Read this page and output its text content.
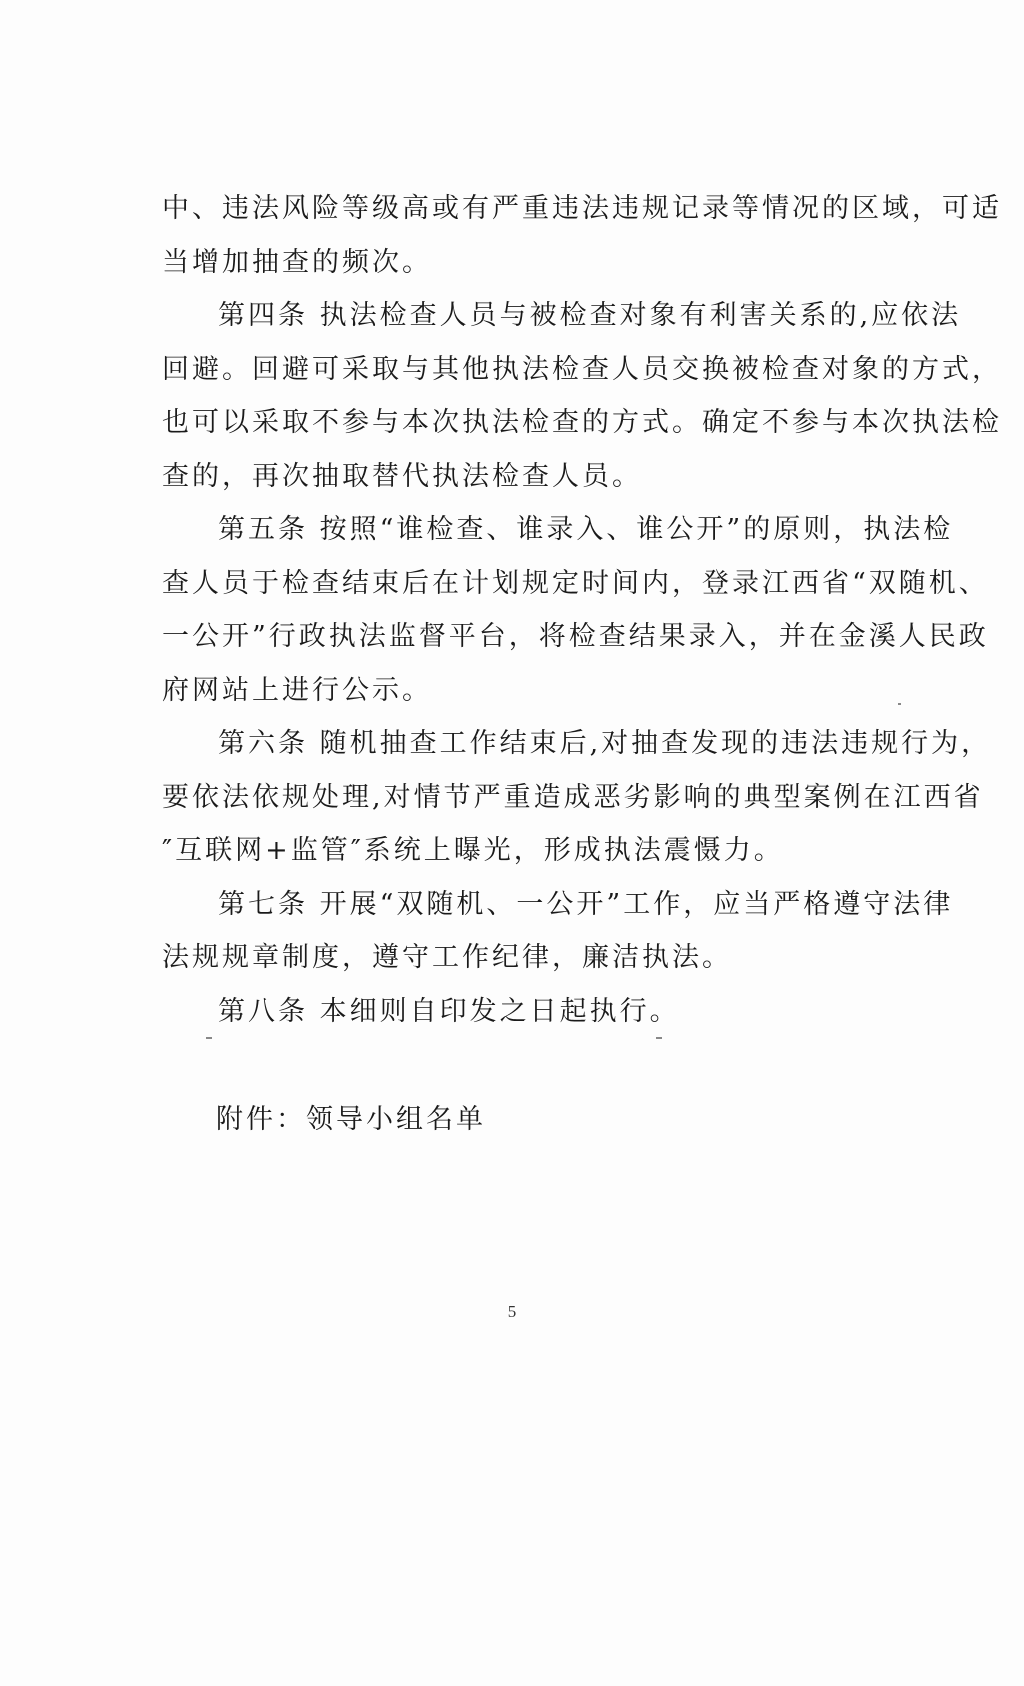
中、违法风险等级高或有严重违法违规记录等情况的区域，可适
当增加抽查的频次。

第四条 执法检查人员与被检查对象有利害关系的,应依法
回避。回避可采取与其他执法检查人员交换被检查对象的方式，
也可以采取不参与本次执法检查的方式。确定不参与本次执法检
查的，再次抽取替代执法检查人员。

第五条 按照“谁检查、谁录入、谁公开”的原则，执法检
查人员于检查结束后在计划规定时间内，登录江西省“双随机、
一公开”行政执法监督平台，将检查结果录入，并在金溪人民政
府网站上进行公示。

第六条 随机抽查工作结束后,对抽查发现的违法违规行为，
要依法依规处理,对情节严重造成恶劣影响的典型案例在江西省
″互联网+监管″系统上曝光，形成执法震慑力。

第七条 开展“双随机、一公开”工作，应当严格遵守法律
法规规章制度，遵守工作纪律，廉洁执法。

第八条 本细则自印发之日起执行。

附件：领导小组名单
5
